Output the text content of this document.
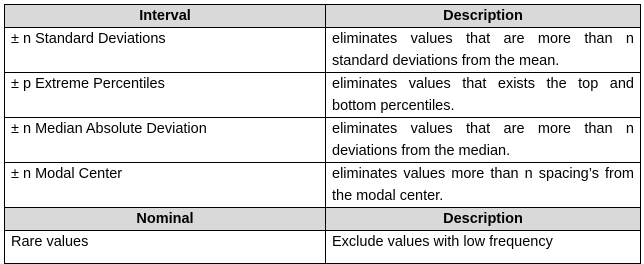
Interval	Description
± n Standard Deviations	eliminates values that are more than n standard deviations from the mean.
± p Extreme Percentiles	eliminates values that exists the top and bottom percentiles.
± n Median Absolute Deviation	eliminates values that are more than n deviations from the median.
± n Modal Center	eliminates values more than n spacing’s from the modal center.
Nominal	Description
Rare values	Exclude values with low frequency
